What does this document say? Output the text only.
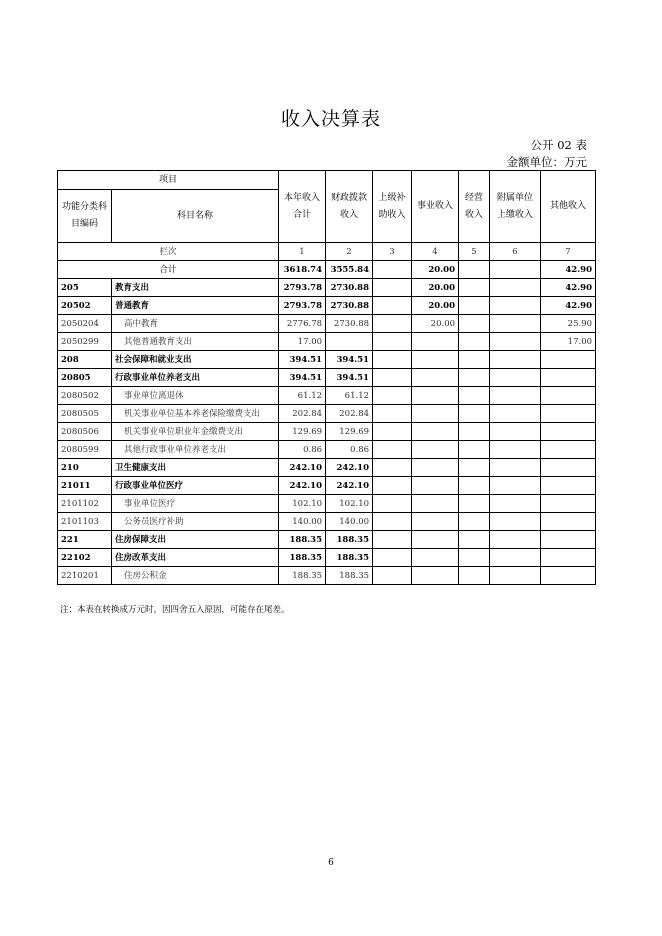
收入决算表
公开 02 表
金额单位：万元
项目		本年收入合计	财政拨款收入	上级补助收入	事业收入	经营收入	附属单位上缴收入	其他收入
功能分类科目编码	科目名称							

栏次		1	2	3	4	5	6	7
合计		3618.74	3555.84		20.00			42.90
205	教育支出	2793.78	2730.88		20.00			42.90
20502	普通教育	2793.78	2730.88		20.00			42.90
2050204	高中教育	2776.78	2730.88		20.00			25.90
2050299	其他普通教育支出	17.00						17.00
208	社会保障和就业支出	394.51	394.51					
20805	行政事业单位养老支出	394.51	394.51					
2080502	事业单位离退休	61.12	61.12					
2080505	机关事业单位基本养老保险缴费支出	202.84	202.84					
2080506	机关事业单位职业年金缴费支出	129.69	129.69					
2080599	其他行政事业单位养老支出	0.86	0.86					
210	卫生健康支出	242.10	242.10					
21011	行政事业单位医疗	242.10	242.10					
2101102	事业单位医疗	102.10	102.10					
2101103	公务员医疗补助	140.00	140.00					
221	住房保障支出	188.35	188.35					
22102	住房改革支出	188.35	188.35					
2210201	住房公积金	188.35	188.35					
注：本表在转换成万元时，因四舍五入原因，可能存在尾差。
6
